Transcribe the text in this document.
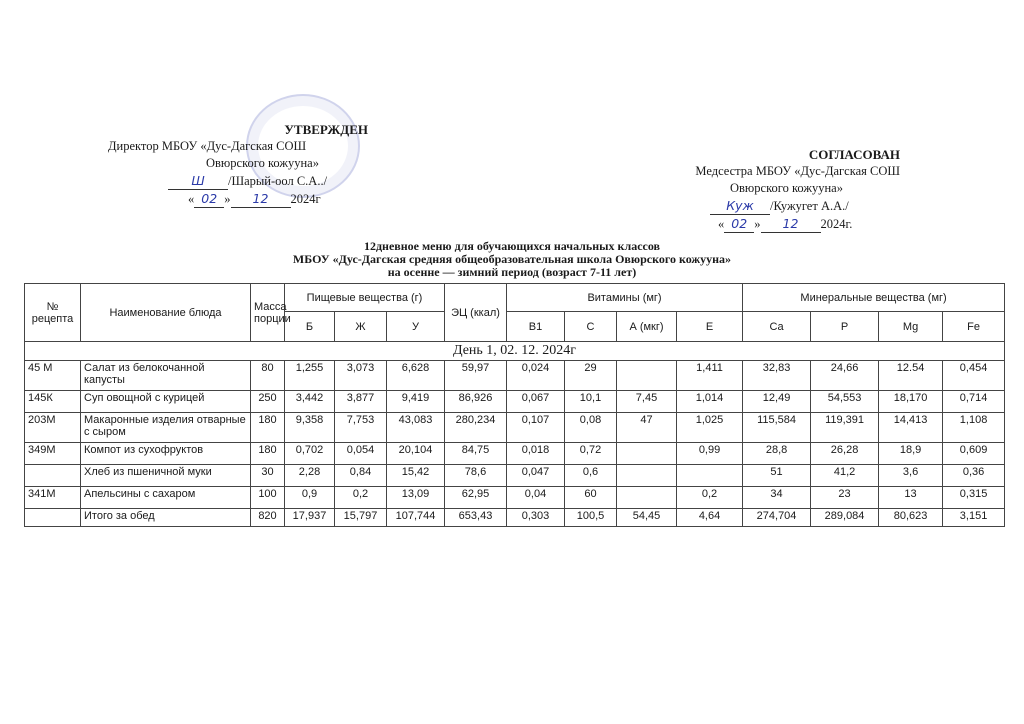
УТВЕРЖДЕН
Директор МБОУ «Дус-Дагская СОШ
Овюрского кожууна»
Ш /Шарый-оол С.А../
« 02 » 12 2024г
СОГЛАСОВАН
Медсестра МБОУ «Дус-Дагская СОШ
Овюрского кожууна»
Куж /Кужугет А.А./
« 02 » 12 2024г.
12дневное меню для обучающихся начальных классов
МБОУ «Дус-Дагская средняя общеобразовательная школа Овюрского кожууна»
на осенне — зимний период (возраст 7-11 лет)
№ рецепта	Наименование блюда	Масса порции	Пищевые вещества (г)			ЭЦ (ккал)	Витамины (мг)				Минеральные вещества (мг)			
			Б	Ж	У		В1	С	А (мкг)	Е	Са	Р	Mg	Fe
День 1, 02. 12. 2024г														
45 М	Салат из белокочанной капусты	80	1,255	3,073	6,628	59,97	0,024	29		1,411	32,83	24,66	12.54	0,454
145К	Суп овощной с курицей	250	3,442	3,877	9,419	86,926	0,067	10,1	7,45	1,014	12,49	54,553	18,170	0,714
203М	Макаронные изделия отварные с сыром	180	9,358	7,753	43,083	280,234	0,107	0,08	47	1,025	115,584	119,391	14,413	1,108
349М	Компот из сухофруктов	180	0,702	0,054	20,104	84,75	0,018	0,72		0,99	28,8	26,28	18,9	0,609
	Хлеб из пшеничной муки	30	2,28	0,84	15,42	78,6	0,047	0,6			51	41,2	3,6	0,36
341М	Апельсины с сахаром	100	0,9	0,2	13,09	62,95	0,04	60		0,2	34	23	13	0,315
	Итого за обед	820	17,937	15,797	107,744	653,43	0,303	100,5	54,45	4,64	274,704	289,084	80,623	3,151
